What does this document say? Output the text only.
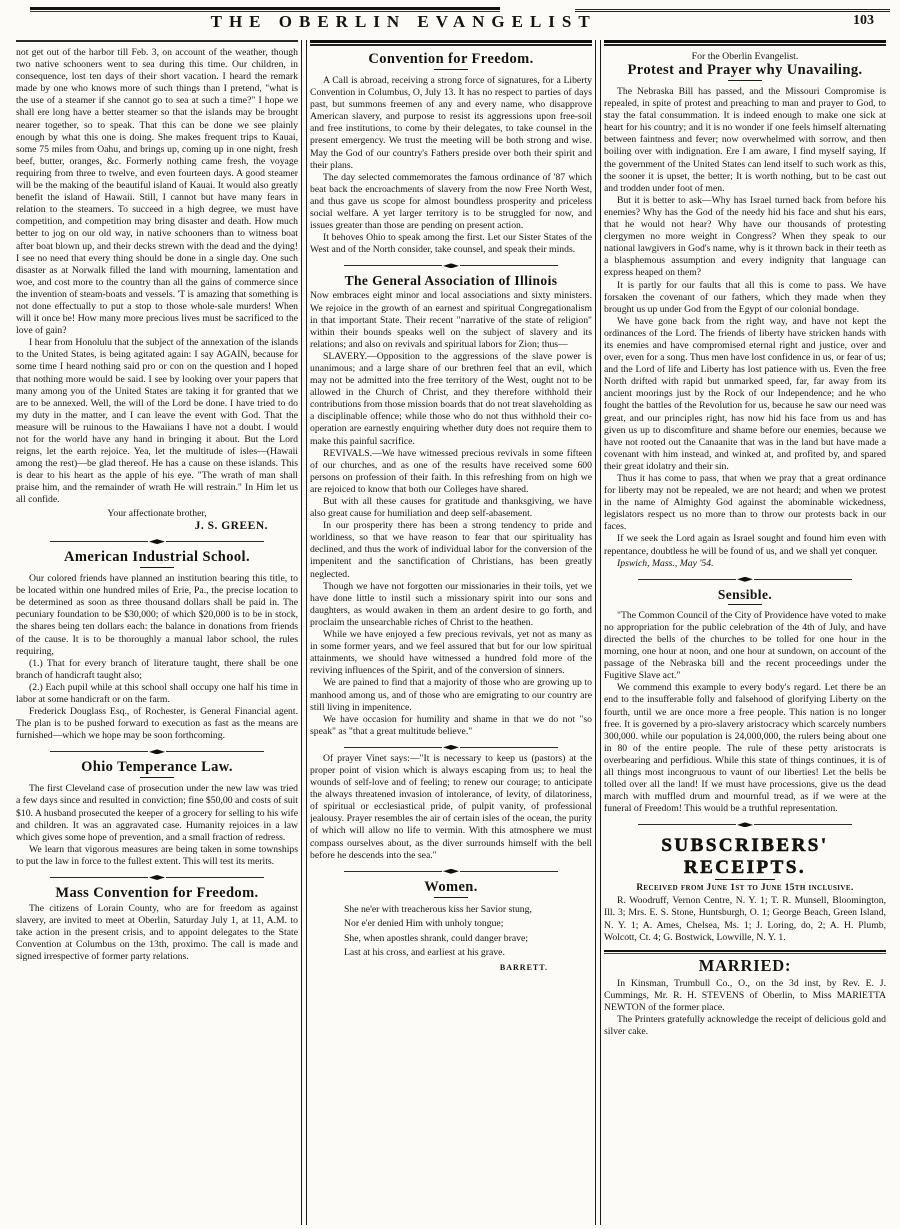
THE OBERLIN EVANGELIST	103

not get out of the harbor till Feb. 3, on account of the weather, though two native schooners went to sea during this time. Our children, in consequence, lost ten days of their short vacation. I heard the remark made by one who knows more of such things than I pretend, "what is the use of a steamer if she cannot go to sea at such a time?" I hope we shall ere long have a better steamer so that the islands may be brought nearer together, so to speak. That this can be done we see plainly enough by what this one is doing. She makes frequent trips to Kauai, some 75 miles from Oahu, and brings up, coming up in one night, fresh beef, butter, oranges, &c. Formerly nothing came fresh, the voyage requiring from three to twelve, and even fourteen days. A good steamer will be the making of the beautiful island of Kauai. It would also greatly benefit the island of Hawaii. Still, I cannot but have many fears in relation to the steamers. To succeed in a high degree, we must have competition, and competition may bring disaster and death. How much better to jog on our old way, in native schooners than to witness boat after boat blown up, and their decks strewn with the dead and the dying! I see no need that every thing should be done in a single day. One such disaster as at Norwalk filled the land with mourning, lamentation and woe, and cost more to the country than all the gains of commerce since the invention of steam-boats and vessels. 'T is amazing that something is not done effectually to put a stop to those whole-sale murders! When will it once be! How many more precious lives must be sacrificed to the love of gain?

I hear from Honolulu that the subject of the annexation of the islands to the United States, is being agitated again: I say AGAIN, because for some time I heard nothing said pro or con on the question and I hoped that nothing more would be said. I see by looking over your papers that many among you of the United States are taking it for granted that we are to be annexed. Well, the will of the Lord be done. I have tried to do my duty in the matter, and I can leave the event with God. That the measure will be ruinous to the Hawaiians I have not a doubt. I would not for the world have any hand in bringing it about. But the Lord reigns, let the earth rejoice. Yea, let the multitude of isles—(Hawaii among the rest)—be glad thereof. He has a cause on these islands. This is dear to his heart as the apple of his eye. "The wrath of man shall praise him, and the remainder of wrath He will restrain." In Him let us all confide.

Your affectionate brother,

J. S. GREEN.

American Industrial School.

Our colored friends have planned an institution bearing this title, to be located within one hundred miles of Erie, Pa., the precise location to be determined as soon as three thousand dollars shall be paid in. The pecuniary foundation to be $30,000; of which $20,000 is to be in stock, the shares being ten dollars each: the balance in donations from friends of the cause. It is to be thoroughly a manual labor school, the rules requiring,

(1.) That for every branch of literature taught, there shall be one branch of handicraft taught also;

(2.) Each pupil while at this school shall occupy one half his time in labor at some handicraft or on the farm.

Frederick Douglass Esq., of Rochester, is General Financial agent. The plan is to be pushed forward to execution as fast as the means are furnished—which we hope may be soon forthcoming.

Ohio Temperance Law.

The first Cleveland case of prosecution under the new law was tried a few days since and resulted in conviction; fine $50,00 and costs of suit $10. A husband prosecuted the keeper of a grocery for selling to his wife and children. It was an aggravated case. Humanity rejoices in a law which gives some hope of prevention, and a small fraction of redress.

We learn that vigorous measures are being taken in some townships to put the law in force to the fullest extent. This will test its merits.

Mass Convention for Freedom.

The citizens of Lorain County, who are for freedom as against slavery, are invited to meet at Oberlin, Saturday July 1, at 11, A.M. to take action in the present crisis, and to appoint delegates to the State Convention at Columbus on the 13th, proximo. The call is made and signed irrespective of former party relations.

Convention for Freedom.

A Call is abroad, receiving a strong force of signatures, for a Liberty Convention in Columbus, O, July 13. It has no respect to parties of days past, but summons freemen of any and every name, who disapprove American slavery, and purpose to resist its aggressions upon free-soil and free institutions, to come by their delegates, to take counsel in the present emergency. We trust the meeting will be both strong and wise. May the God of our country's Fathers preside over both their spirit and their plans.

The day selected commemorates the famous ordinance of '87 which beat back the encroachments of slavery from the now Free North West, and thus gave us scope for almost boundless prosperity and priceless social welfare. A yet larger territory is to be struggled for now, and issues greater than those are pending on present action.

It behoves Ohio to speak among the first. Let our Sister States of the West and of the North consider, take counsel, and speak their minds.

The General Association of Illinois

Now embraces eight minor and local associations and sixty ministers. We rejoice in the growth of an earnest and spiritual Congregationalism in that important State. Their recent "narrative of the state of religion" within their bounds speaks well on the subject of slavery and its relations; and also on revivals and spiritual labors for Zion; thus—

SLAVERY.—Opposition to the aggressions of the slave power is unanimous; and a large share of our brethren feel that an evil, which may not be admitted into the free territory of the West, ought not to be allowed in the Church of Christ, and they therefore withhold their contributions from those mission boards that do not treat slaveholding as a disciplinable offence; while those who do not thus withhold their co-operation are earnestly enquiring whether duty does not require them to make this painful sacrifice.

REVIVALS.—We have witnessed precious revivals in some fifteen of our churches, and as one of the results have received some 600 persons on profession of their faith. In this refreshing from on high we are rejoiced to know that both our Colleges have shared.

But with all these causes for gratitude and thanksgiving, we have also great cause for humiliation and deep self-abasement.

In our prosperity there has been a strong tendency to pride and worldiness, so that we have reason to fear that our spirituality has declined, and thus the work of individual labor for the conversion of the impenitent and the sanctification of Christians, has been greatly neglected.

Though we have not forgotten our missionaries in their toils, yet we have done little to instil such a missionary spirit into our sons and daughters, as would awaken in them an ardent desire to go forth, and proclaim the unsearchable riches of Christ to the heathen.

While we have enjoyed a few precious revivals, yet not as many as in some former years, and we feel assured that but for our low spiritual attainments, we should have witnessed a hundred fold more of the reviving influences of the Spirit, and of the conversion of sinners.

We are pained to find that a majority of those who are growing up to manhood among us, and of those who are emigrating to our country are still living in impenitence.

We have occasion for humility and shame in that we do not "so speak" as "that a great multitude believe."

Of prayer Vinet says:—"It is necessary to keep us (pastors) at the proper point of vision which is always escaping from us; to heal the wounds of self-love and of feeling; to renew our courage; to anticipate the always threatened invasion of intolerance, of levity, of dilatoriness, of spiritual or ecclesiastical pride, of pulpit vanity, of professional jealousy. Prayer resembles the air of certain isles of the ocean, the purity of which will allow no life to vermin. With this atmosphere we must compass ourselves about, as the diver surrounds himself with the bell before he descends into the sea."

Women.

She ne'er with treacherous kiss her Savior stung,

Nor e'er denied Him with unholy tongue;

She, when apostles shrank, could danger brave;

Last at his cross, and earliest at his grave.

BARRETT.

For the Oberlin Evangelist.

Protest and Prayer why Unavailing.

The Nebraska Bill has passed, and the Missouri Compromise is repealed, in spite of protest and preaching to man and prayer to God, to stay the fatal consummation. It is indeed enough to make one sick at heart for his country; and it is no wonder if one feels himself alternating between faintness and fever; now overwhelmed with sorrow, and then boiling over with indignation. Ere I am aware, I find myself saying, If the government of the United States can lend itself to such work as this, the sooner it is upset, the better; It is worth nothing, but to be cast out and trodden under foot of men.

But it is better to ask—Why has Israel turned back from before his enemies? Why has the God of the needy hid his face and shut his ears, that he would not hear? Why have our thousands of protesting clergymen no more weight in Congress? When they speak to our national lawgivers in God's name, why is it thrown back in their teeth as a blasphemous assumption and every indignity that language can express heaped on them?

It is partly for our faults that all this is come to pass. We have forsaken the covenant of our fathers, which they made when they brought us up under God from the Egypt of our colonial bondage.

We have gone back from the right way, and have not kept the ordinances of the Lord. The friends of liberty have stricken hands with its enemies and have compromised eternal right and justice, over and over, even for a song. Thus men have lost confidence in us, or fear of us; and the Lord of life and Liberty has lost patience with us. Even the free North drifted with rapid but unmarked speed, far, far away from its ancient moorings just by the Rock of our Independence; and he who fought the battles of the Revolution for us, because he saw our need was great, and our principles right, has now hid his face from us and has given us up to discomfiture and shame before our enemies, because we have not rooted out the Canaanite that was in the land but have made a covenant with him instead, and winked at, and profited by, and spared their great idolatry and their sin.

Thus it has come to pass, that when we pray that a great ordinance for liberty may not be repealed, we are not heard; and when we protest in the name of Almighty God against the abominable wickedness, legislators respect us no more than to throw our protests back in our faces.

If we seek the Lord again as Israel sought and found him even with repentance, doubtless he will be found of us, and we shall yet conquer.

Ipswich, Mass., May '54.

Sensible.

"The Common Council of the City of Providence have voted to make no appropriation for the public celebration of the 4th of July, and have directed the bells of the churches to be tolled for one hour in the morning, one hour at noon, and one hour at sundown, on account of the passage of the Nebraska bill and the recent proceedings under the Fugitive Slave act."

We commend this example to every body's regard. Let there be an end to the insufferable folly and falsehood of glorifying Liberty on the fourth, until we are once more a free people. This nation is no longer free. It is governed by a pro-slavery aristocracy which scarcely numbers 300,000. while our population is 24,000,000, the rulers being about one in 80 of the entire people. The rule of these petty aristocrats is overbearing and perfidious. While this state of things continues, it is of all things most incongruous to vaunt of our liberties! Let the bells be tolled over all the land! If we must have processions, give us the dead march with muffled drum and mournful tread, as if we were at the funeral of Freedom! This would be a truthful representation.

SUBSCRIBERS' RECEIPTS.

Received from June 1st to June 15th inclusive.

R. Woodruff, Vernon Centre, N. Y. 1; T. R. Munsell, Bloomington, Ill. 3; Mrs. E. S. Stone, Huntsburgh, O. 1; George Beach, Green Island, N. Y. 1; A. Ames, Chelsea, Ms. 1; J. Loring, do, 2; A. H. Plumb, Wolcott, Ct. 4; G. Bostwick, Lowville, N. Y. 1.

MARRIED:

In Kinsman, Trumbull Co., O., on the 3d inst, by Rev. E. J. Cummings, Mr. R. H. STEVENS of Oberlin, to Miss MARIETTA NEWTON of the former place.

The Printers gratefully acknowledge the receipt of delicious gold and silver cake.
